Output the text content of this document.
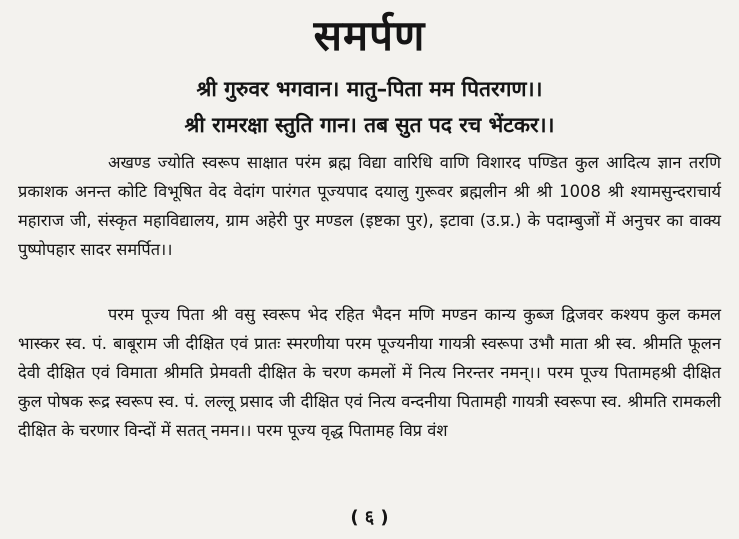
समर्पण
श्री गुरुवर भगवान। मातु–पिता मम पितरगण।।
श्री रामरक्षा स्तुति गान। तब सुत पद रच भेंटकर।।

अखण्ड ज्योति स्वरूप साक्षात परंम ब्रह्म विद्या वारिधि वाणि विशारद पण्डित कुल आदित्य ज्ञान तरणि प्रकाशक अनन्त कोटि विभूषित वेद वेदांग पारंगत पूज्यपाद दयालु गुरूवर ब्रह्मलीन श्री श्री 1008 श्री श्यामसुन्दराचार्य महाराज जी, संस्कृत महाविद्यालय, ग्राम अहेरी पुर मण्डल (इष्टका पुर), इटावा (उ.प्र.) के पदाम्बुजों में अनुचर का वाक्य पुष्पोपहार सादर समर्पित।।

परम पूज्य पिता श्री वसु स्वरूप भेद रहित भैदन मणि मण्डन कान्य कुब्ज द्विजवर कश्यप कुल कमल भास्कर स्व. पं. बाबूराम जी दीक्षित एवं प्रातः स्मरणीया परम पूज्यनीया गायत्री स्वरूपा उभौ माता श्री स्व. श्रीमति फूलन देवी दीक्षित एवं विमाता श्रीमति प्रेमवती दीक्षित के चरण कमलों में नित्य निरन्तर नमन्।। परम पूज्य पितामहश्री दीक्षित कुल पोषक रूद्र स्वरूप स्व. पं. लल्लू प्रसाद जी दीक्षित एवं नित्य वन्दनीया पितामही गायत्री स्वरूपा स्व. श्रीमति रामकली दीक्षित के चरणार विन्दों में सतत् नमन।। परम पूज्य वृद्ध पितामह विप्र वंश

( ६ )
